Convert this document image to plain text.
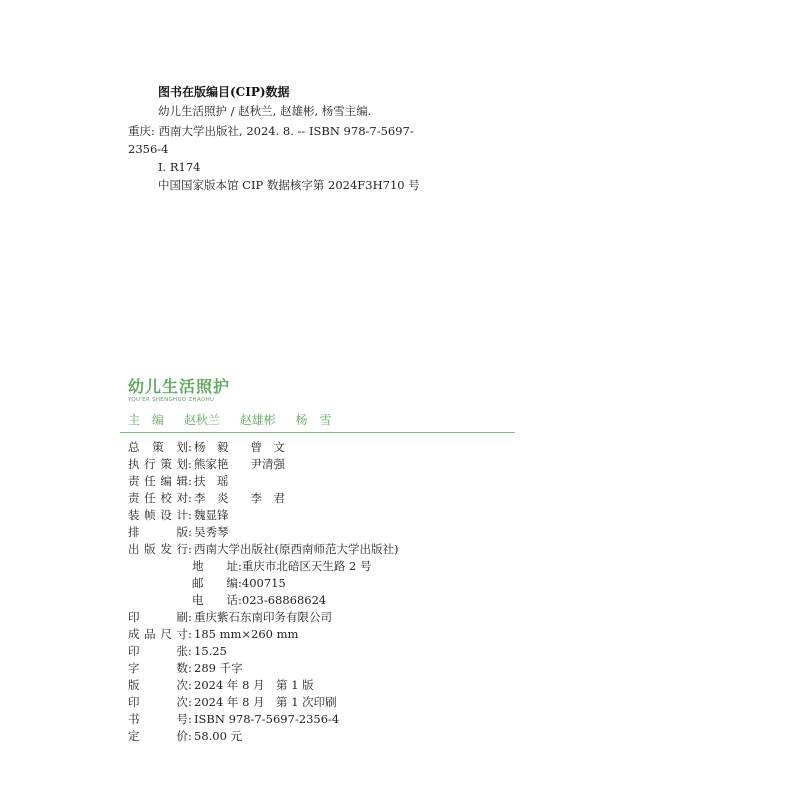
图书在版编目(CIP)数据
幼儿生活照护 / 赵秋兰, 赵雄彬, 杨雪主编.
重庆: 西南大学出版社, 2024. 8. -- ISBN 978-7-5697-
2356-4
Ⅰ. R174
中国国家版本馆 CIP 数据核字第 2024F3H710 号
幼儿生活照护
YOU'ER SHENGHUO ZHAOHU
主　编 赵秋兰 赵雄彬 杨　雪
总 策 划: 杨　毅 曾　文
执行策划: 熊家艳 尹清强
责任编辑: 扶　瑶
责任校对: 李　炎 李　君
装帧设计: 魏显锋
排　　版: 吴秀琴
出版发行: 西南大学出版社(原西南师范大学出版社)
地　　址:重庆市北碚区天生路 2 号
邮　　编:400715
电　　话:023-68868624
印　　刷: 重庆紫石东南印务有限公司
成品尺寸: 185 mm×260 mm
印　　张: 15.25
字　　数: 289 千字
版　　次: 2024 年 8 月　第 1 版
印　　次: 2024 年 8 月　第 1 次印刷
书　　号: ISBN 978-7-5697-2356-4
定　　价: 58.00 元
